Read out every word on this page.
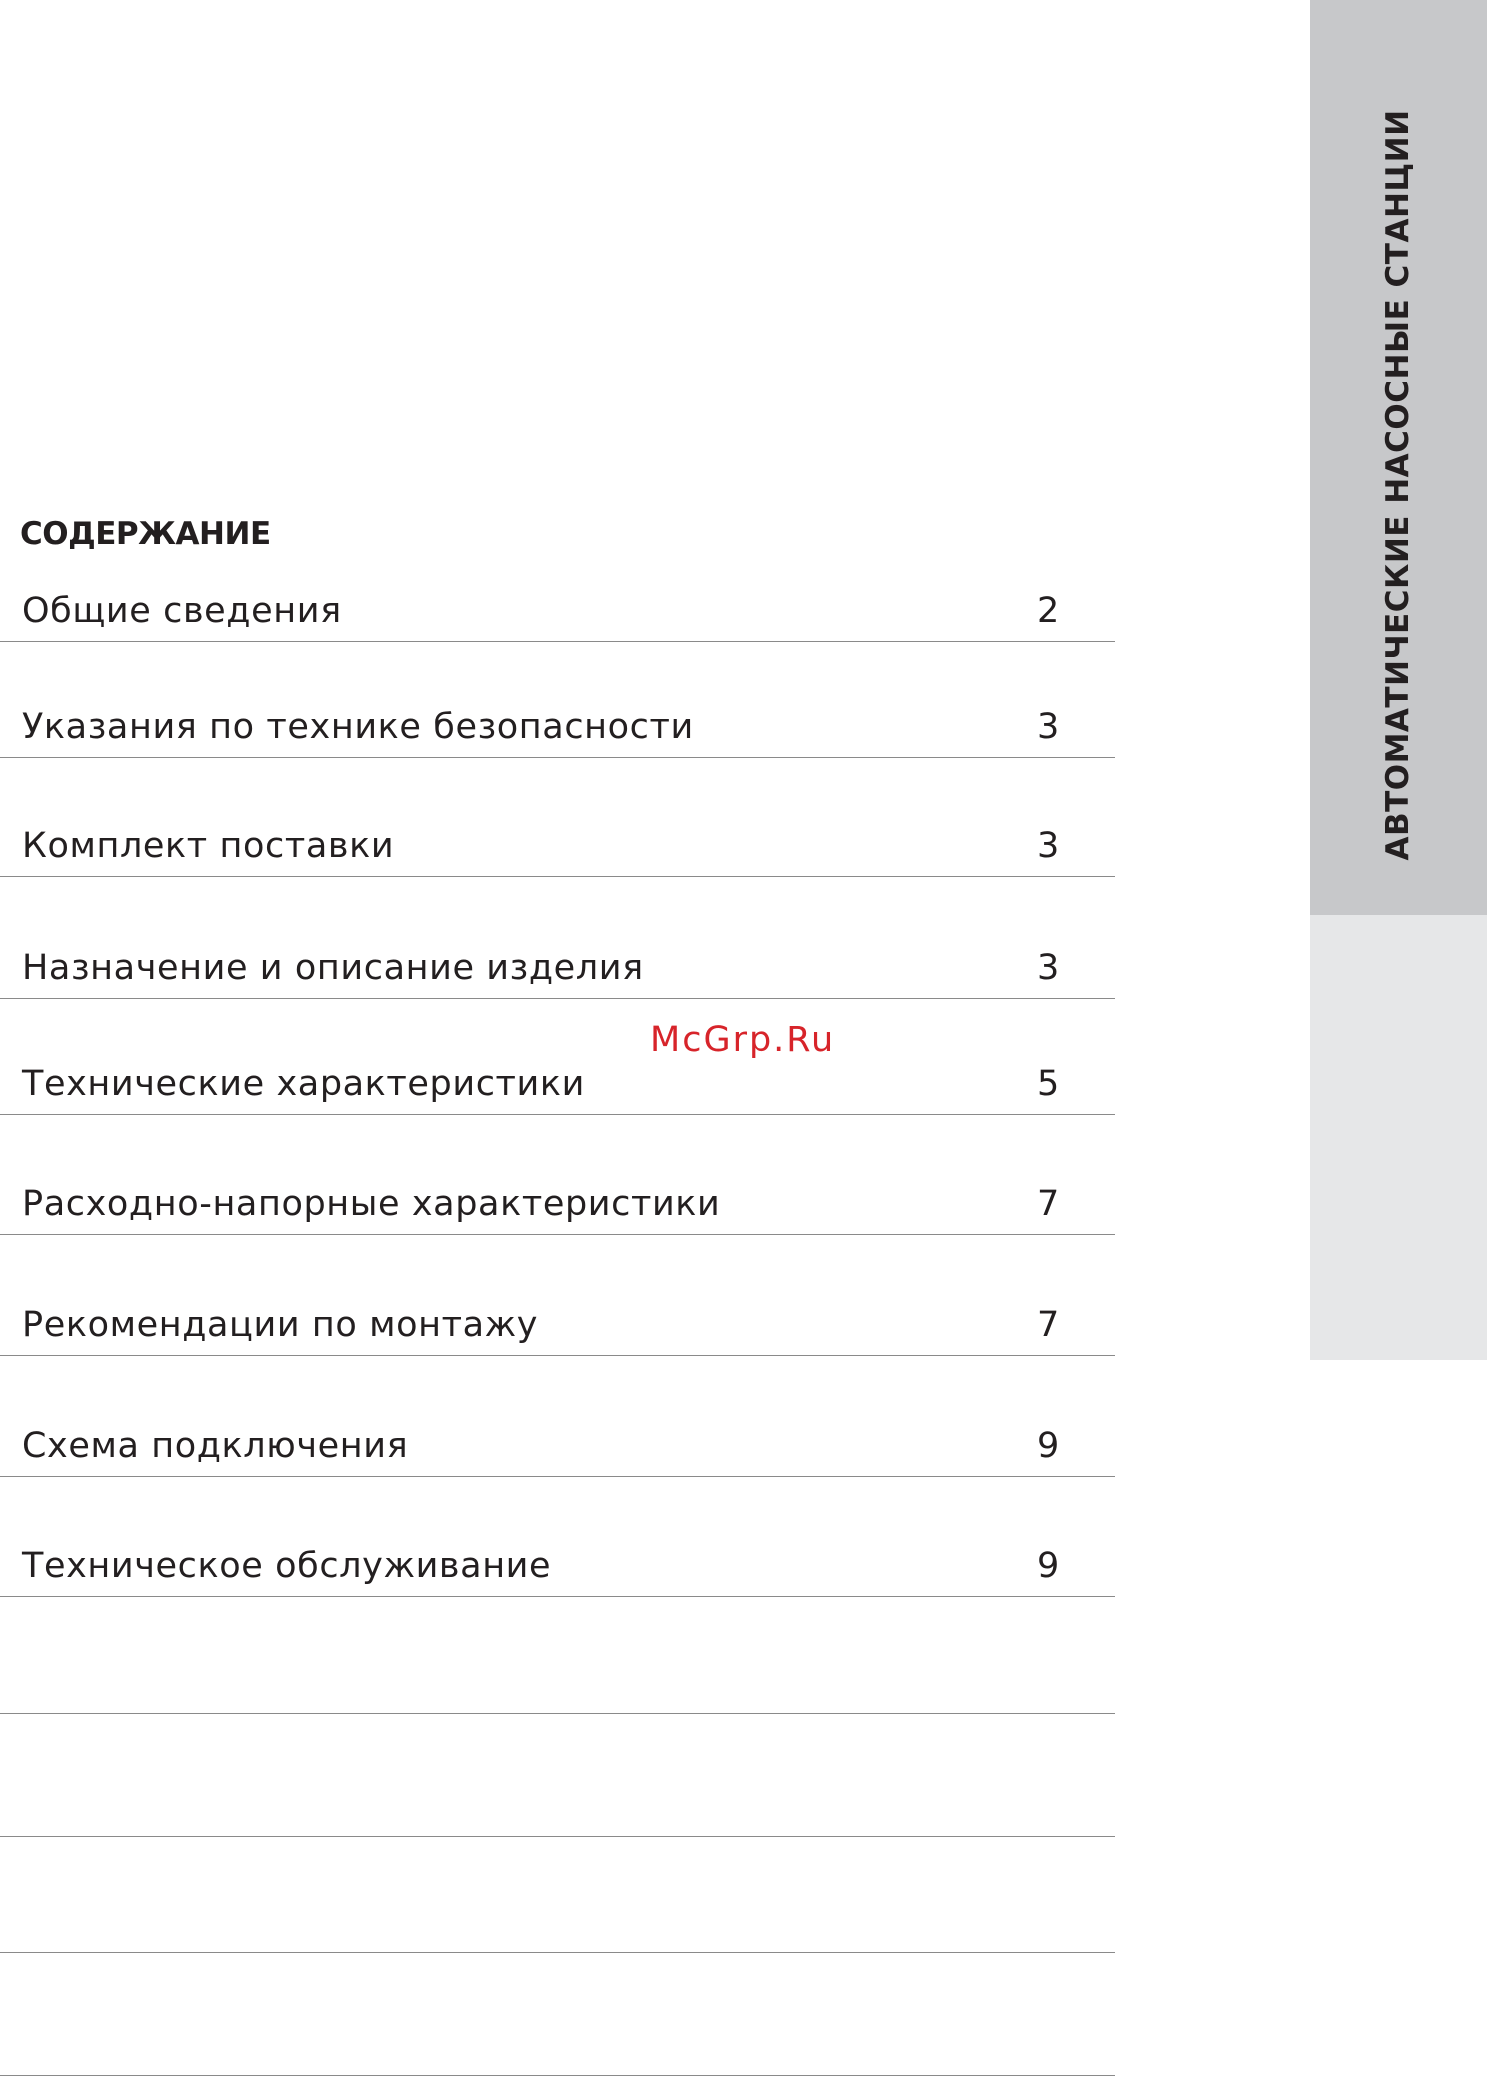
АВТОМАТИЧЕСКИЕ НАСОСНЫЕ СТАНЦИИ
СОДЕРЖАНИЕ
Общие сведения	2
Указания по технике безопасности	3
Комплект поставки	3
Назначение и описание изделия	3
Технические характеристики	5
Расходно-напорные характеристики	7
Рекомендации по монтажу	7
Схема подключения	9
Техническое обслуживание	9
McGrp.Ru
